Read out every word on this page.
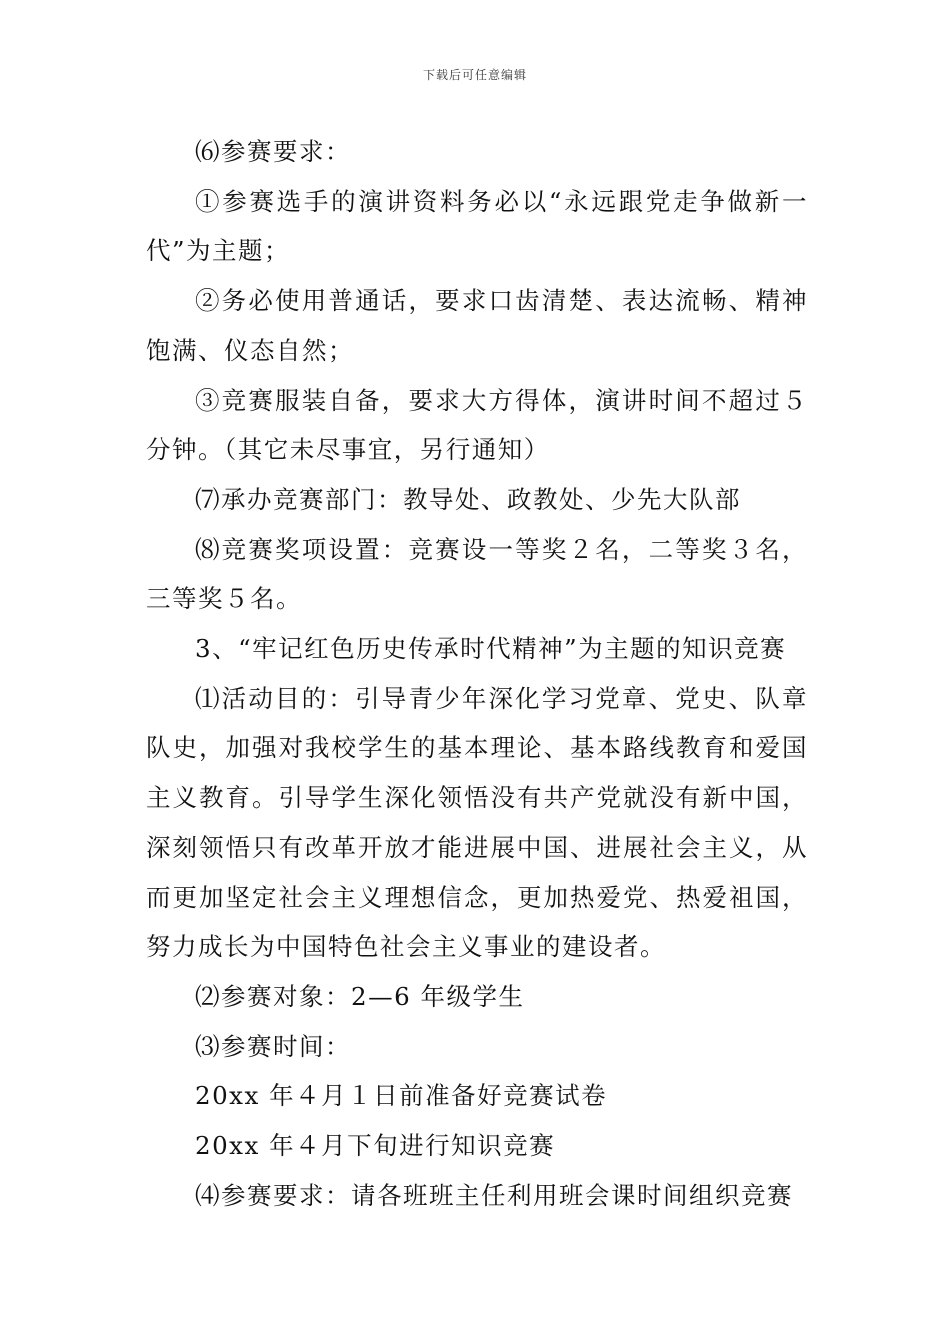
下载后可任意编辑

⑹参赛要求：

①参赛选手的演讲资料务必以“永远跟党走争做新一代”为主题；

②务必使用普通话，要求口齿清楚、表达流畅、精神饱满、仪态自然；

③竞赛服装自备，要求大方得体，演讲时间不超过５分钟。（其它未尽事宜，另行通知）

⑺承办竞赛部门：教导处、政教处、少先大队部

⑻竞赛奖项设置：竞赛设一等奖２名，二等奖３名，三等奖５名。

3、“牢记红色历史传承时代精神”为主题的知识竞赛

⑴活动目的：引导青少年深化学习党章、党史、队章队史，加强对我校学生的基本理论、基本路线教育和爱国主义教育。引导学生深化领悟没有共产党就没有新中国，深刻领悟只有改革开放才能进展中国、进展社会主义，从而更加坚定社会主义理想信念，更加热爱党、热爱祖国，努力成长为中国特色社会主义事业的建设者。

⑵参赛对象：2—6 年级学生

⑶参赛时间：

20xx 年４月１日前准备好竞赛试卷

20xx 年４月下旬进行知识竞赛

⑷参赛要求：请各班班主任利用班会课时间组织竞赛
